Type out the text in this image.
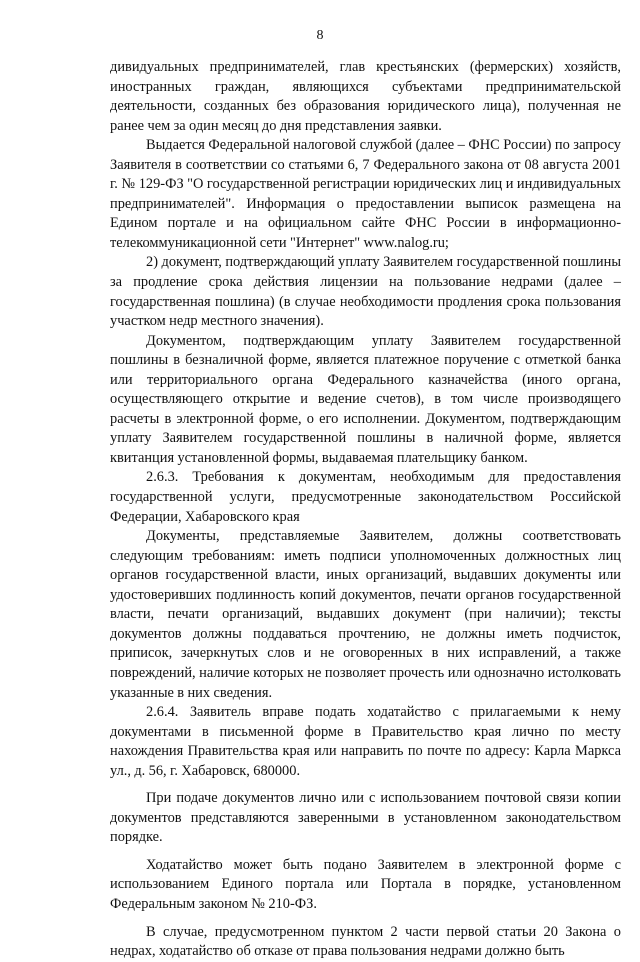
8

дивидуальных предпринимателей, глав крестьянских (фермерских) хозяйств, иностранных граждан, являющихся субъектами предпринимательской деятельности, созданных без образования юридического лица), полученная не ранее чем за один месяц до дня представления заявки.

Выдается Федеральной налоговой службой (далее – ФНС России) по запросу Заявителя в соответствии со статьями 6, 7 Федерального закона от 08 августа 2001 г. № 129-ФЗ "О государственной регистрации юридических лиц и индивидуальных предпринимателей". Информация о предоставлении выписок размещена на Едином портале и на официальном сайте ФНС России в информационно-телекоммуникационной сети "Интернет" www.nalog.ru;

2) документ, подтверждающий уплату Заявителем государственной пошлины за продление срока действия лицензии на пользование недрами (далее – государственная пошлина) (в случае необходимости продления срока пользования участком недр местного значения).

Документом, подтверждающим уплату Заявителем государственной пошлины в безналичной форме, является платежное поручение с отметкой банка или территориального органа Федерального казначейства (иного органа, осуществляющего открытие и ведение счетов), в том числе производящего расчеты в электронной форме, о его исполнении. Документом, подтверждающим уплату Заявителем государственной пошлины в наличной форме, является квитанция установленной формы, выдаваемая плательщику банком.

2.6.3. Требования к документам, необходимым для предоставления государственной услуги, предусмотренные законодательством Российской Федерации, Хабаровского края

Документы, представляемые Заявителем, должны соответствовать следующим требованиям: иметь подписи уполномоченных должностных лиц органов государственной власти, иных организаций, выдавших документы или удостоверивших подлинность копий документов, печати органов государственной власти, печати организаций, выдавших документ (при наличии); тексты документов должны поддаваться прочтению, не должны иметь подчисток, приписок, зачеркнутых слов и не оговоренных в них исправлений, а также повреждений, наличие которых не позволяет прочесть или однозначно истолковать указанные в них сведения.

2.6.4. Заявитель вправе подать ходатайство с прилагаемыми к нему документами в письменной форме в Правительство края лично по месту нахождения Правительства края или направить по почте по адресу: Карла Маркса ул., д. 56, г. Хабаровск, 680000.

При подаче документов лично или с использованием почтовой связи копии документов представляются заверенными в установленном законодательством порядке.

Ходатайство может быть подано Заявителем в электронной форме с использованием Единого портала или Портала в порядке, установленном Федеральным законом № 210-ФЗ.

В случае, предусмотренном пунктом 2 части первой статьи 20 Закона о недрах, ходатайство об отказе от права пользования недрами должно быть
